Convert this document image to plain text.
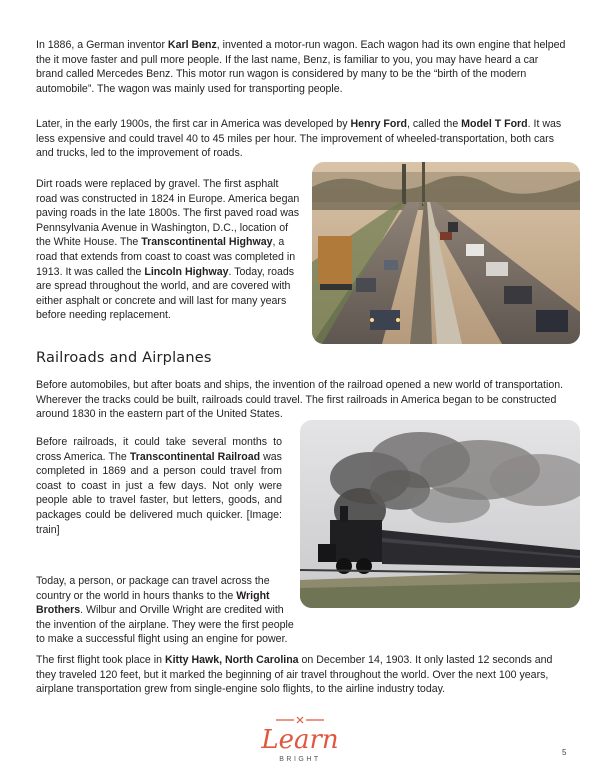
In 1886, a German inventor Karl Benz, invented a motor-run wagon. Each wagon had its own engine that helped the it move faster and pull more people. If the last name, Benz, is familiar to you, you may have heard a car brand called Mercedes Benz. This motor run wagon is considered by many to be the “birth of the modern automobile”. The wagon was mainly used for transporting people.

Later, in the early 1900s, the first car in America was developed by Henry Ford, called the Model T Ford. It was less expensive and could travel 40 to 45 miles per hour. The improvement of wheeled-transportation, both cars and trucks, led to the improvement of roads.

Dirt roads were replaced by gravel. The first asphalt road was constructed in 1824 in Europe. America began paving roads in the late 1800s. The first paved road was Pennsylvania Avenue in Washington, D.C., location of the White House. The Transcontinental Highway, a road that extends from coast to coast was completed in 1913. It was called the Lincoln Highway. Today, roads are spread throughout the world, and are covered with either asphalt or concrete and will last for many years before needing replacement.

Railroads and Airplanes

Before automobiles, but after boats and ships, the invention of the railroad opened a new world of transportation. Wherever the tracks could be built, railroads could travel. The first railroads in America began to be constructed around 1830 in the eastern part of the United States.

Before railroads, it could take several months to cross America. The Transcontinental Railroad was completed in 1869 and a person could travel from coast to coast in just a few days. Not only were people able to travel faster, but letters, goods, and packages could be delivered much quicker. [Image: train]

Today, a person, or package can travel across the country or the world in hours thanks to the Wright Brothers. Wilbur and Orville Wright are credited with the invention of the airplane. They were the first people to make a successful flight using an engine for power.

The first flight took place in Kitty Hawk, North Carolina on December 14, 1903. It only lasted 12 seconds and they traveled 120 feet, but it marked the beginning of air travel throughout the world. Over the next 100 years, airplane transportation grew from single-engine solo flights, to the airline industry today.

Learn
BRIGHT
5
